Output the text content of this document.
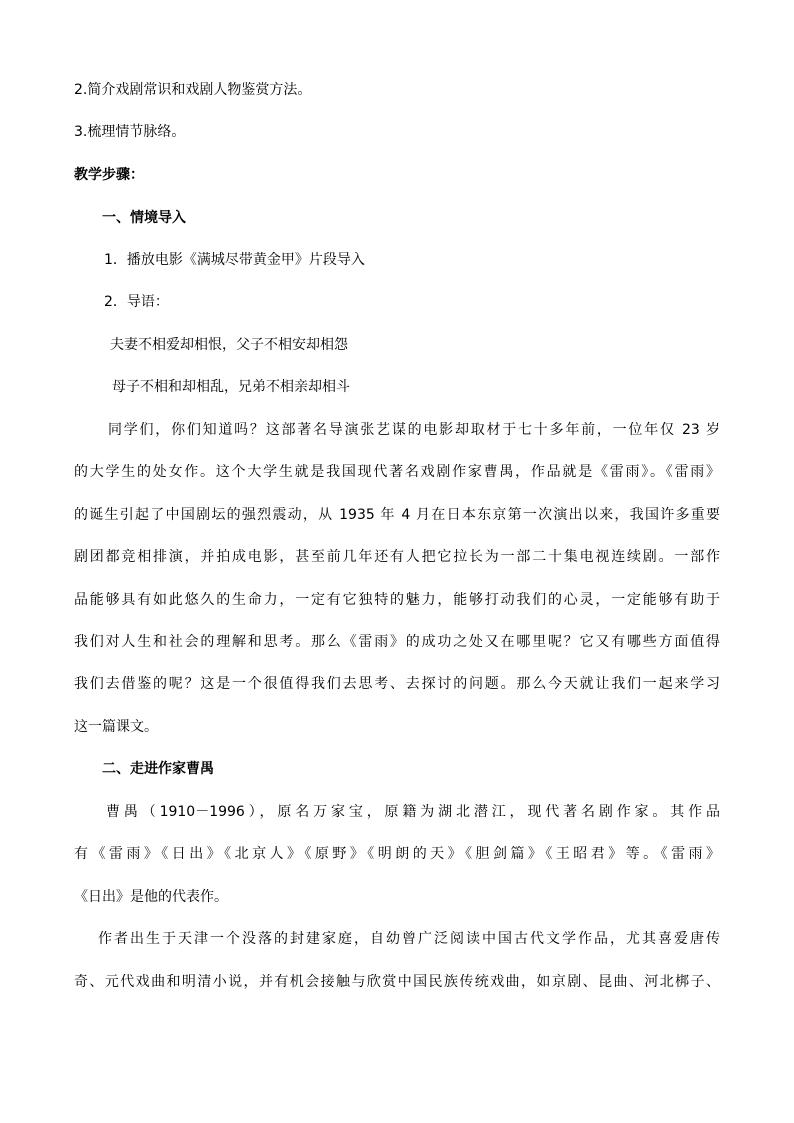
2.简介戏剧常识和戏剧人物鉴赏方法。
3.梳理情节脉络。
教学步骤：
一、情境导入
1．播放电影《满城尽带黄金甲》片段导入
2．导语：
夫妻不相爱却相恨，父子不相安却相怨
母子不相和却相乱，兄弟不相亲却相斗
同学们，你们知道吗？这部著名导演张艺谋的电影却取材于七十多年前，一位年仅 23 岁
的大学生的处女作。这个大学生就是我国现代著名戏剧作家曹禺，作品就是《雷雨》。《雷雨》
的诞生引起了中国剧坛的强烈震动，从 1935 年 4 月在日本东京第一次演出以来，我国许多重要
剧团都竞相排演，并拍成电影，甚至前几年还有人把它拉长为一部二十集电视连续剧。一部作
品能够具有如此悠久的生命力，一定有它独特的魅力，能够打动我们的心灵，一定能够有助于
我们对人生和社会的理解和思考。那么《雷雨》的成功之处又在哪里呢？它又有哪些方面值得
我们去借鉴的呢？这是一个很值得我们去思考、去探讨的问题。那么今天就让我们一起来学习
这一篇课文。
二、走进作家曹禺
曹禺（1910－1996），原名万家宝，原籍为湖北潜江，现代著名剧作家。其作品
有《雷雨》《日出》《北京人》《原野》《明朗的天》《胆剑篇》《王昭君》等。《雷雨》
《日出》是他的代表作。
作者出生于天津一个没落的封建家庭，自幼曾广泛阅读中国古代文学作品，尤其喜爱唐传
奇、元代戏曲和明清小说，并有机会接触与欣赏中国民族传统戏曲，如京剧、昆曲、河北梆子、
